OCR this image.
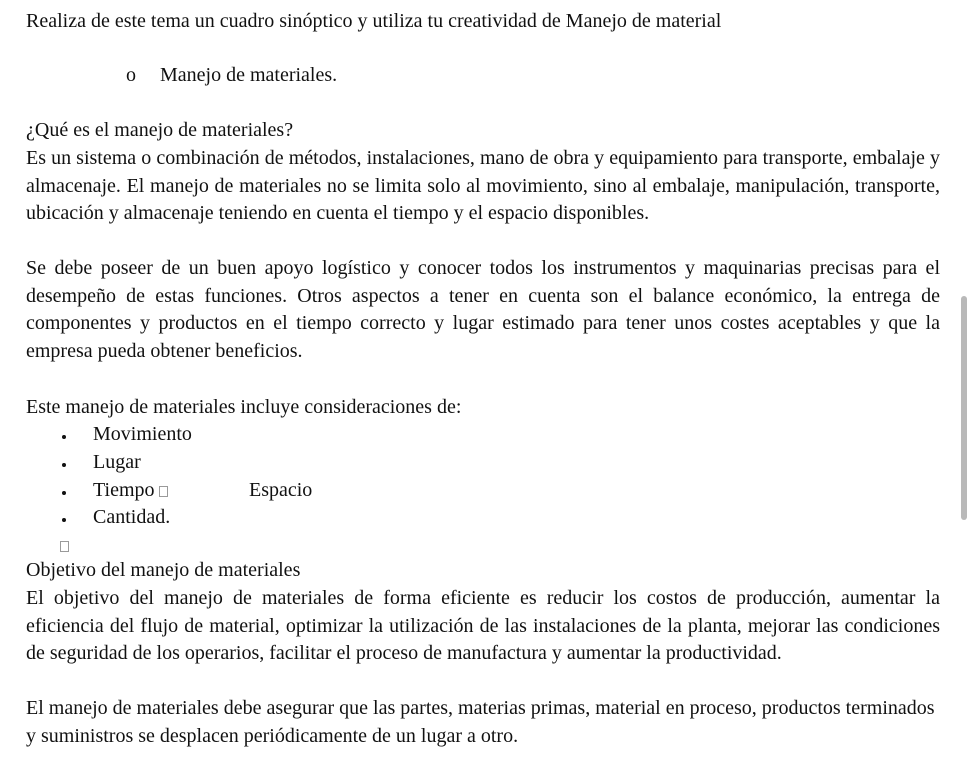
Realiza de este tema un cuadro sinóptico y utiliza tu creatividad de Manejo de material
o Manejo de materiales.
¿Qué es el manejo de materiales?
Es un sistema o combinación de métodos, instalaciones, mano de obra y equipamiento para transporte, embalaje y almacenaje. El manejo de materiales no se limita solo al movimiento, sino al embalaje, manipulación, transporte, ubicación y almacenaje teniendo en cuenta el tiempo y el espacio disponibles.
Se debe poseer de un buen apoyo logístico y conocer todos los instrumentos y maquinarias precisas para el desempeño de estas funciones. Otros aspectos a tener en cuenta son el balance económico, la entrega de componentes y productos en el tiempo correcto y lugar estimado para tener unos costes aceptables y que la empresa pueda obtener beneficios.
Este manejo de materiales incluye consideraciones de:
Movimiento
Lugar
Tiempo	Espacio
Cantidad.
Objetivo del manejo de materiales
El objetivo del manejo de materiales de forma eficiente es reducir los costos de producción, aumentar la eficiencia del flujo de material, optimizar la utilización de las instalaciones de la planta, mejorar las condiciones de seguridad de los operarios, facilitar el proceso de manufactura y aumentar la productividad.
El manejo de materiales debe asegurar que las partes, materias primas, material en proceso, productos terminados y suministros se desplacen periódicamente de un lugar a otro.
